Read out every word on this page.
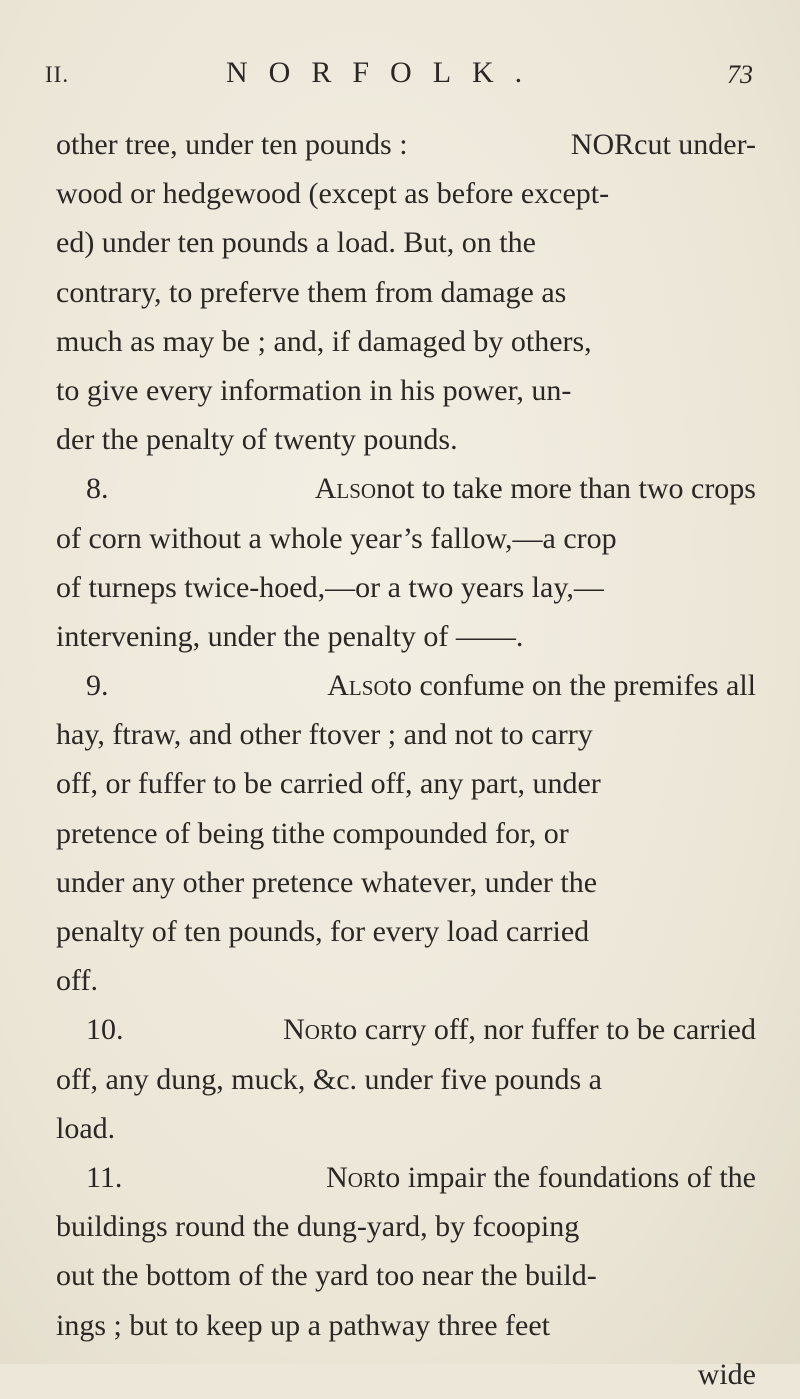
II.	NORFOLK.	73
other tree, under ten pounds :	NORcut under-
wood or hedgewood (except as before except-
ed) under ten pounds a load. But, on the
contrary, to preferve them from damage as
much as may be ; and, if damaged by others,
to give every information in his power, un-
der the penalty of twenty pounds.
8.	Alsonot to take more than two crops
of corn without a whole year’s fallow,—a crop
of turneps twice-hoed,—or a two years lay,—
intervening, under the penalty of ——.
9.	Alsoto confume on the premifes all
hay, ftraw, and other ftover ; and not to carry
off, or fuffer to be carried off, any part, under
pretence of being tithe compounded for, or
under any other pretence whatever, under the
penalty of ten pounds, for every load carried
off.
10.	Norto carry off, nor fuffer to be carried
off, any dung, muck, &c. under five pounds a
load.
11.	Norto impair the foundations of the
buildings round the dung-yard, by fcooping
out the bottom of the yard too near the build-
ings ; but to keep up a pathway three feet
wide
